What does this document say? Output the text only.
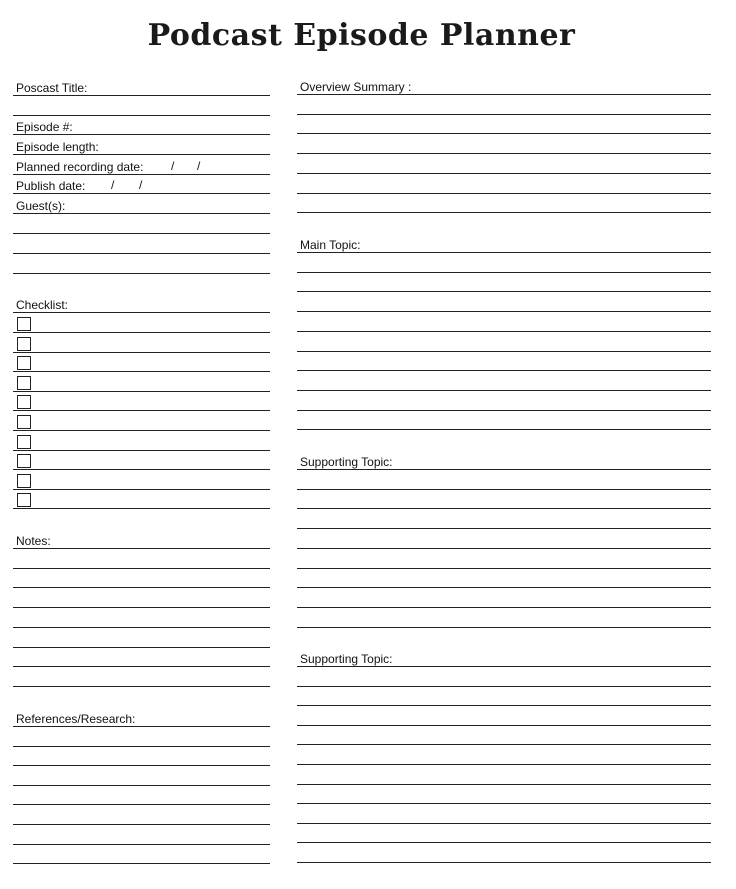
Podcast Episode Planner
Poscast Title:
Episode #:
Episode length:
Planned recording date: / /
Publish date: / /
Guest(s):
Checklist:
Notes:
References/Research:
Overview Summary :
Main Topic:
Supporting Topic:
Supporting Topic:
